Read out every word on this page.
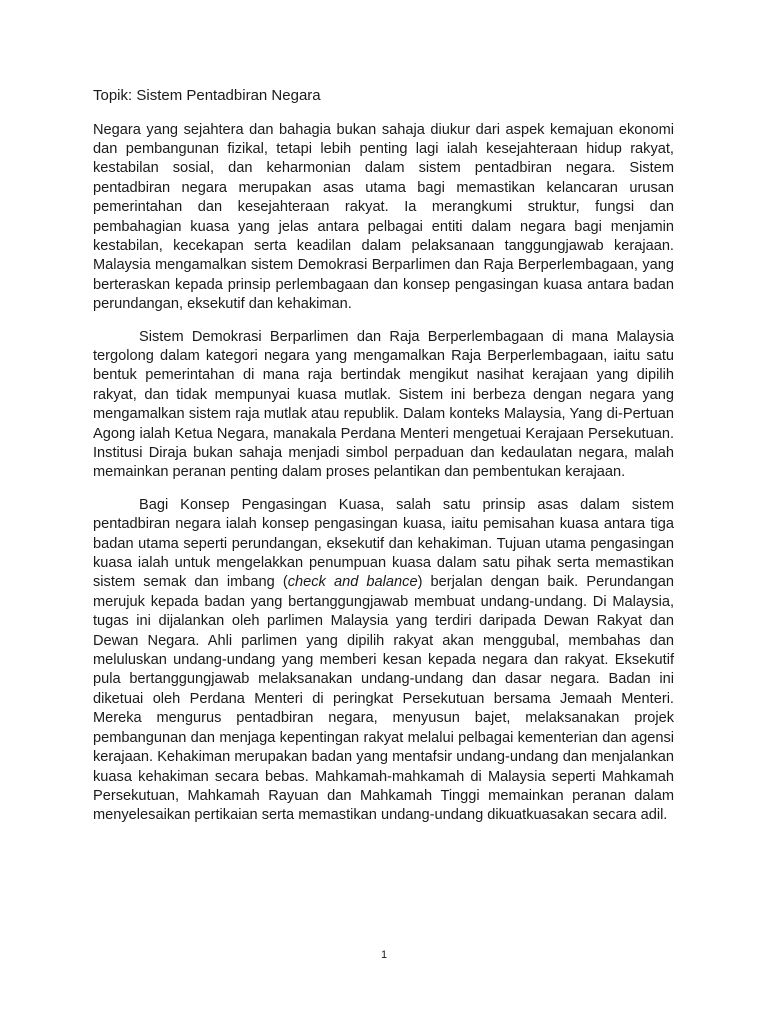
Topik: Sistem Pentadbiran Negara

Negara yang sejahtera dan bahagia bukan sahaja diukur dari aspek kemajuan ekonomi dan pembangunan fizikal, tetapi lebih penting lagi ialah kesejahteraan hidup rakyat, kestabilan sosial, dan keharmonian dalam sistem pentadbiran negara. Sistem pentadbiran negara merupakan asas utama bagi memastikan kelancaran urusan pemerintahan dan kesejahteraan rakyat. Ia merangkumi struktur, fungsi dan pembahagian kuasa yang jelas antara pelbagai entiti dalam negara bagi menjamin kestabilan, kecekapan serta keadilan dalam pelaksanaan tanggungjawab kerajaan. Malaysia mengamalkan sistem Demokrasi Berparlimen dan Raja Berperlembagaan, yang berteraskan kepada prinsip perlembagaan dan konsep pengasingan kuasa antara badan perundangan, eksekutif dan kehakiman.

Sistem Demokrasi Berparlimen dan Raja Berperlembagaan di mana Malaysia tergolong dalam kategori negara yang mengamalkan Raja Berperlembagaan, iaitu satu bentuk pemerintahan di mana raja bertindak mengikut nasihat kerajaan yang dipilih rakyat, dan tidak mempunyai kuasa mutlak. Sistem ini berbeza dengan negara yang mengamalkan sistem raja mutlak atau republik. Dalam konteks Malaysia, Yang di-Pertuan Agong ialah Ketua Negara, manakala Perdana Menteri mengetuai Kerajaan Persekutuan. Institusi Diraja bukan sahaja menjadi simbol perpaduan dan kedaulatan negara, malah memainkan peranan penting dalam proses pelantikan dan pembentukan kerajaan.

Bagi Konsep Pengasingan Kuasa, salah satu prinsip asas dalam sistem pentadbiran negara ialah konsep pengasingan kuasa, iaitu pemisahan kuasa antara tiga badan utama seperti perundangan, eksekutif dan kehakiman. Tujuan utama pengasingan kuasa ialah untuk mengelakkan penumpuan kuasa dalam satu pihak serta memastikan sistem semak dan imbang (check and balance) berjalan dengan baik. Perundangan merujuk kepada badan yang bertanggungjawab membuat undang-undang. Di Malaysia, tugas ini dijalankan oleh parlimen Malaysia yang terdiri daripada Dewan Rakyat dan Dewan Negara. Ahli parlimen yang dipilih rakyat akan menggubal, membahas dan meluluskan undang-undang yang memberi kesan kepada negara dan rakyat. Eksekutif pula bertanggungjawab melaksanakan undang-undang dan dasar negara. Badan ini diketuai oleh Perdana Menteri di peringkat Persekutuan bersama Jemaah Menteri. Mereka mengurus pentadbiran negara, menyusun bajet, melaksanakan projek pembangunan dan menjaga kepentingan rakyat melalui pelbagai kementerian dan agensi kerajaan. Kehakiman merupakan badan yang mentafsir undang-undang dan menjalankan kuasa kehakiman secara bebas. Mahkamah-mahkamah di Malaysia seperti Mahkamah Persekutuan, Mahkamah Rayuan dan Mahkamah Tinggi memainkan peranan dalam menyelesaikan pertikaian serta memastikan undang-undang dikuatkuasakan secara adil.

1
